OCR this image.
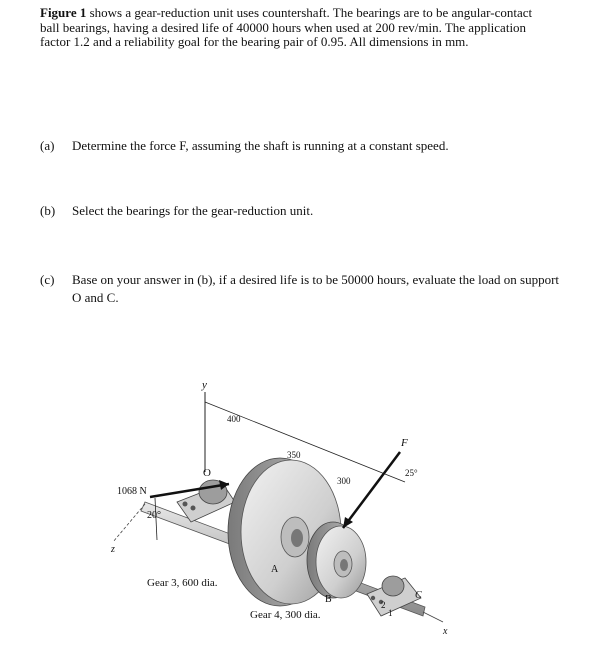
Figure 1 shows a gear-reduction unit uses countershaft. The bearings are to be angular-contact ball bearings, having a desired life of 40000 hours when used at 200 rev/min. The application factor 1.2 and a reliability goal for the bearing pair of 0.95. All dimensions in mm.
(a) Determine the force F, assuming the shaft is running at a constant speed.
(b) Select the bearings for the gear-reduction unit.
(c) Base on your answer in (b), if a desired life is to be 50000 hours, evaluate the load on support O and C.
y
400
350
300
O
A
B	C
1068 N
20°
F
25°
z
x
Gear 3, 600 dia.
Gear 4, 300 dia.
2
1
